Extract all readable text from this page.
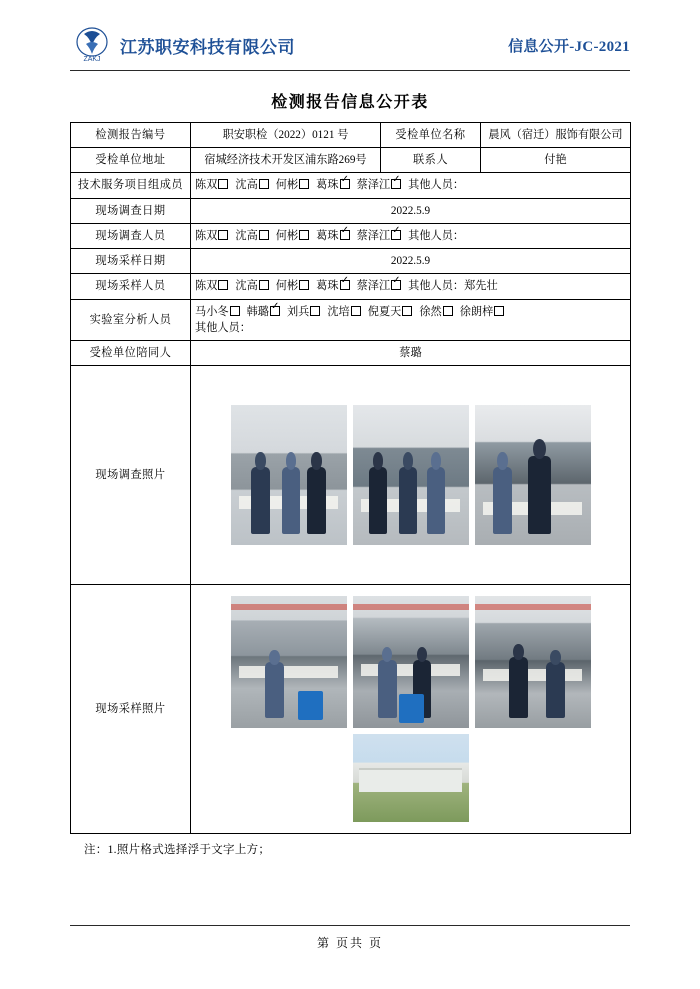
ZAKJ
江苏职安科技有限公司	信息公开-JC-2021
检测报告信息公开表
检测报告编号	职安职检（2022）0121 号	受检单位名称	晨风（宿迁）服饰有限公司
受检单位地址	宿城经济技术开发区浦东路269号	联系人	付艳
技术服务项目组成员	陈双 沈高 何彬 葛珠 ✓ 蔡泽江 ✓ 其他人员：
现场调查日期	2022.5.9		
现场调查人员	陈双 沈高 何彬 葛珠 ✓ 蔡泽江 ✓ 其他人员：
现场采样日期	2022.5.9		
现场采样人员	陈双 沈高 何彬 葛珠 ✓ 蔡泽江 ✓ 其他人员：郑先壮
实验室分析人员	马小冬 韩璐 ✓ 刘兵 沈培 倪夏天 徐然 徐朗梓
其他人员：

受检单位陪同人	蔡璐		
现场调查照片			

现场采样照片			
注：1.照片格式选择浮于文字上方；
第 页共 页
